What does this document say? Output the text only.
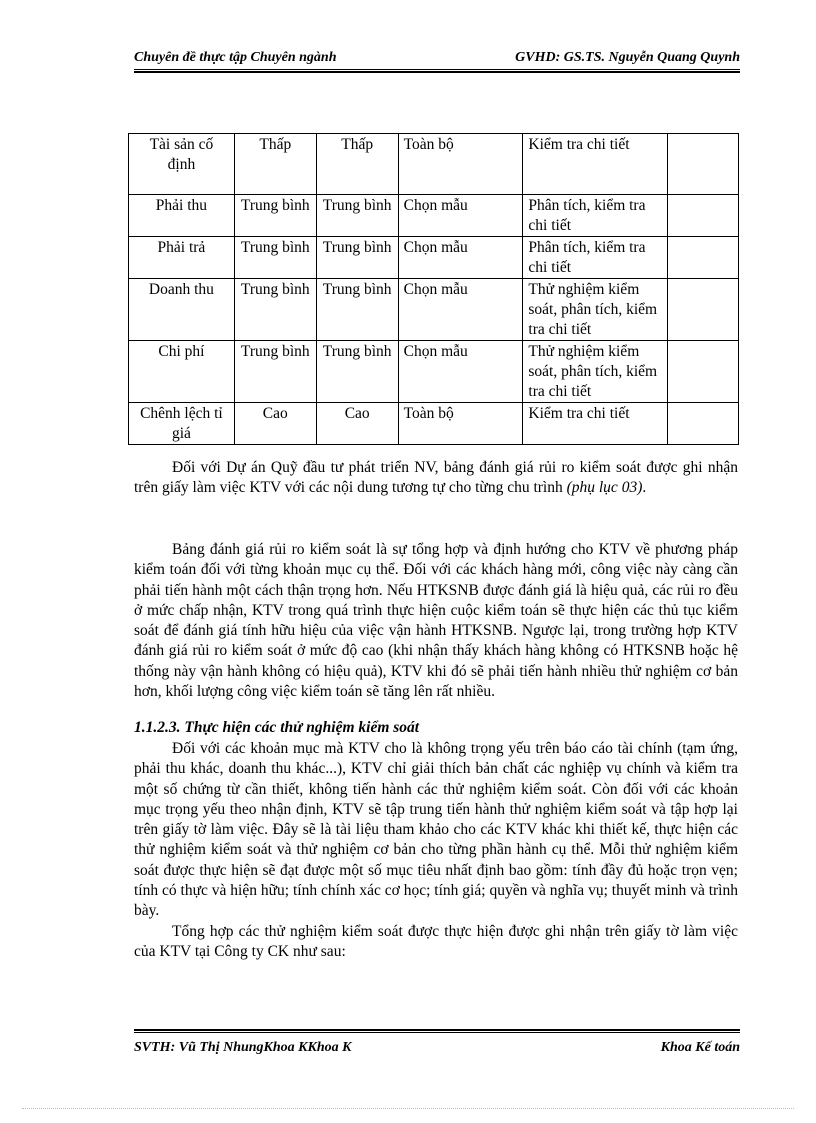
Chuyên đề thực tập Chuyên ngành	GVHD: GS.TS. Nguyễn Quang Quynh
Tài sản cố định	Thấp	Thấp	Toàn bộ	Kiểm tra chi tiết	
Phải thu	Trung bình	Trung bình	Chọn mẫu	Phân tích, kiểm tra chi tiết	
Phải trả	Trung bình	Trung bình	Chọn mẫu	Phân tích, kiểm tra chi tiết	
Doanh thu	Trung bình	Trung bình	Chọn mẫu	Thử nghiệm kiểm soát, phân tích, kiểm tra chi tiết	
Chi phí	Trung bình	Trung bình	Chọn mẫu	Thử nghiệm kiểm soát, phân tích, kiểm tra chi tiết	
Chênh lệch tỉ giá	Cao	Cao	Toàn bộ	Kiểm tra chi tiết	

Đối với Dự án Quỹ đầu tư phát triển NV, bảng đánh giá rủi ro kiểm soát được ghi nhận trên giấy làm việc KTV với các nội dung tương tự cho từng chu trình (phụ lục 03).

Bảng đánh giá rủi ro kiểm soát là sự tổng hợp và định hướng cho KTV về phương pháp kiểm toán đối với từng khoản mục cụ thể. Đối với các khách hàng mới, công việc này càng cần phải tiến hành một cách thận trọng hơn. Nếu HTKSNB được đánh giá là hiệu quả, các rủi ro đều ở mức chấp nhận, KTV trong quá trình thực hiện cuộc kiểm toán sẽ thực hiện các thủ tục kiểm soát để đánh giá tính hữu hiệu của việc vận hành HTKSNB. Ngược lại, trong trường hợp KTV đánh giá rủi ro kiểm soát ở mức độ cao (khi nhận thấy khách hàng không có HTKSNB hoặc hệ thống này vận hành không có hiệu quả), KTV khi đó sẽ phải tiến hành nhiều thử nghiệm cơ bản hơn, khối lượng công việc kiểm toán sẽ tăng lên rất nhiều.

1.1.2.3. Thực hiện các thử nghiệm kiểm soát

Đối với các khoản mục mà KTV cho là không trọng yếu trên báo cáo tài chính (tạm ứng, phải thu khác, doanh thu khác...), KTV chỉ giải thích bản chất các nghiệp vụ chính và kiểm tra một số chứng từ cần thiết, không tiến hành các thử nghiệm kiểm soát. Còn đối với các khoản mục trọng yếu theo nhận định, KTV sẽ tập trung tiến hành thử nghiệm kiểm soát và tập hợp lại trên giấy tờ làm việc. Đây sẽ là tài liệu tham khảo cho các KTV khác khi thiết kế, thực hiện các thử nghiệm kiểm soát và thử nghiệm cơ bản cho từng phần hành cụ thể. Mỗi thử nghiệm kiểm soát được thực hiện sẽ đạt được một số mục tiêu nhất định bao gồm: tính đầy đủ hoặc trọn vẹn; tính có thực và hiện hữu; tính chính xác cơ học; tính giá; quyền và nghĩa vụ; thuyết minh và trình bày.

Tổng hợp các thử nghiệm kiểm soát được thực hiện được ghi nhận trên giấy tờ làm việc của KTV tại Công ty CK như sau:

SVTH: Vũ Thị NhungKhoa KKhoa K	Khoa Kế toán
